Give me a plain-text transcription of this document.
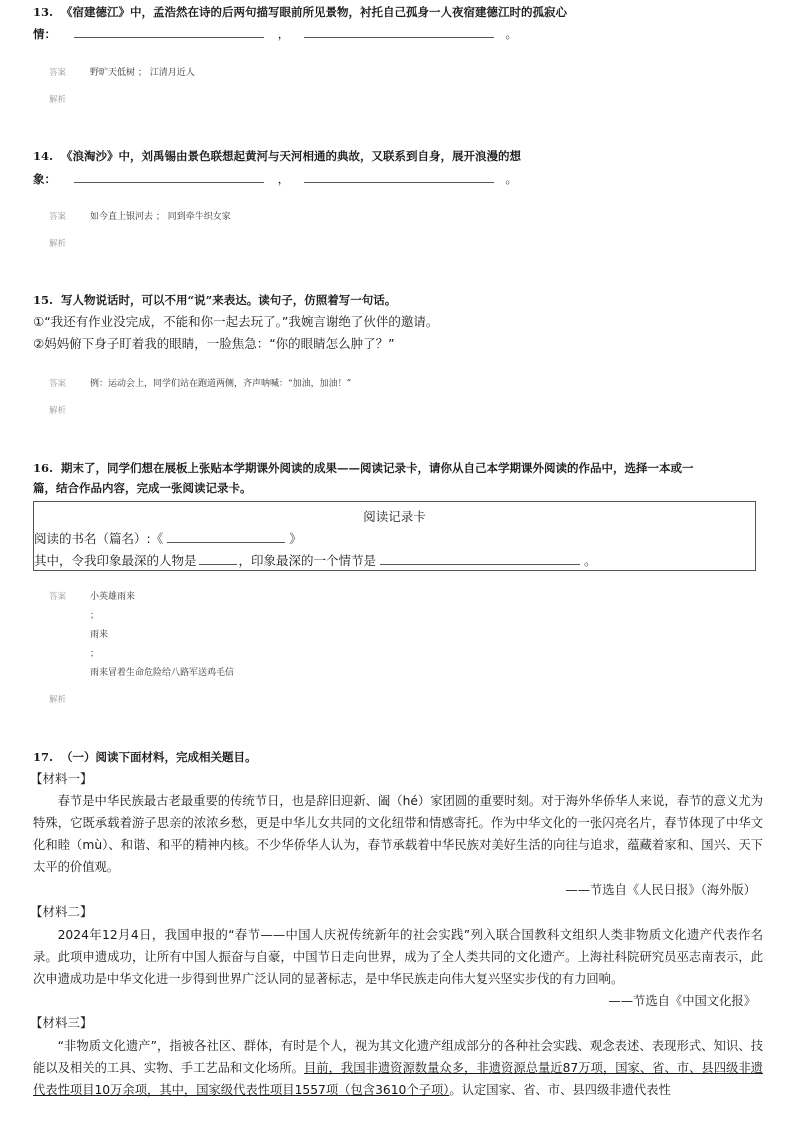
13. 《宿建德江》中，孟浩然在诗的后两句描写眼前所见景物，衬托自己孤身一人夜宿建德江时的孤寂心
情：	，	。
答案	野旷天低树 ； 江清月近人
解析
14. 《浪淘沙》中，刘禹锡由景色联想起黄河与天河相通的典故，又联系到自身，展开浪漫的想
象：	，	。
答案	如今直上银河去 ； 同到牵牛织女家
解析
15. 写人物说话时，可以不用“说”来表达。读句子，仿照着写一句话。
①“我还有作业没完成，不能和你一起去玩了。”我婉言谢绝了伙伴的邀请。
②妈妈俯下身子盯着我的眼睛，一脸焦急：“你的眼睛怎么肿了？”
答案	例：运动会上，同学们站在跑道两侧，齐声呐喊：“加油，加油！”
解析
16. 期末了，同学们想在展板上张贴本学期课外阅读的成果——阅读记录卡，请你从自己本学期课外阅读的作品中，选择一本或一
篇，结合作品内容，完成一张阅读记录卡。
阅读记录卡
阅读的书名（篇名）:《	》
其中，令我印象最深的人物是	，印象最深的一个情节是	。
答案	小英雄雨来
；
雨来
；
雨来冒着生命危险给八路军送鸡毛信
解析
17. （一）阅读下面材料，完成相关题目。
【材料一】
春节是中华民族最古老最重要的传统节日，也是辞旧迎新、阖（hé）家团圆的重要时刻。对于海外华侨华人来说，春节的意义尤为特殊，它既承载着游子思亲的浓浓乡愁，更是中华儿女共同的文化纽带和情感寄托。作为中华文化的一张闪亮名片，春节体现了中华文化和睦（mù）、和谐、和平的精神内核。不少华侨华人认为，春节承载着中华民族对美好生活的向往与追求，蕴藏着家和、国兴、天下太平的价值观。
——节选自《人民日报》（海外版）
【材料二】
2024年12月4日，我国申报的“春节——中国人庆祝传统新年的社会实践”列入联合国教科文组织人类非物质文化遗产代表作名录。此项申遗成功，让所有中国人振奋与自豪，中国节日走向世界，成为了全人类共同的文化遗产。上海社科院研究员巫志南表示，此次申遗成功是中华文化进一步得到世界广泛认同的显著标志，是中华民族走向伟大复兴坚实步伐的有力回响。
——节选自《中国文化报》
【材料三】
“非物质文化遗产”，指被各社区、群体，有时是个人，视为其文化遗产组成部分的各种社会实践、观念表述、表现形式、知识、技能以及相关的工具、实物、手工艺品和文化场所。目前，我国非遗资源数量众多，非遗资源总量近87万项，国家、省、市、县四级非遗代表性项目10万余项，其中，国家级代表性项目1557项（包含3610个子项）。认定国家、省、市、县四级非遗代表性
